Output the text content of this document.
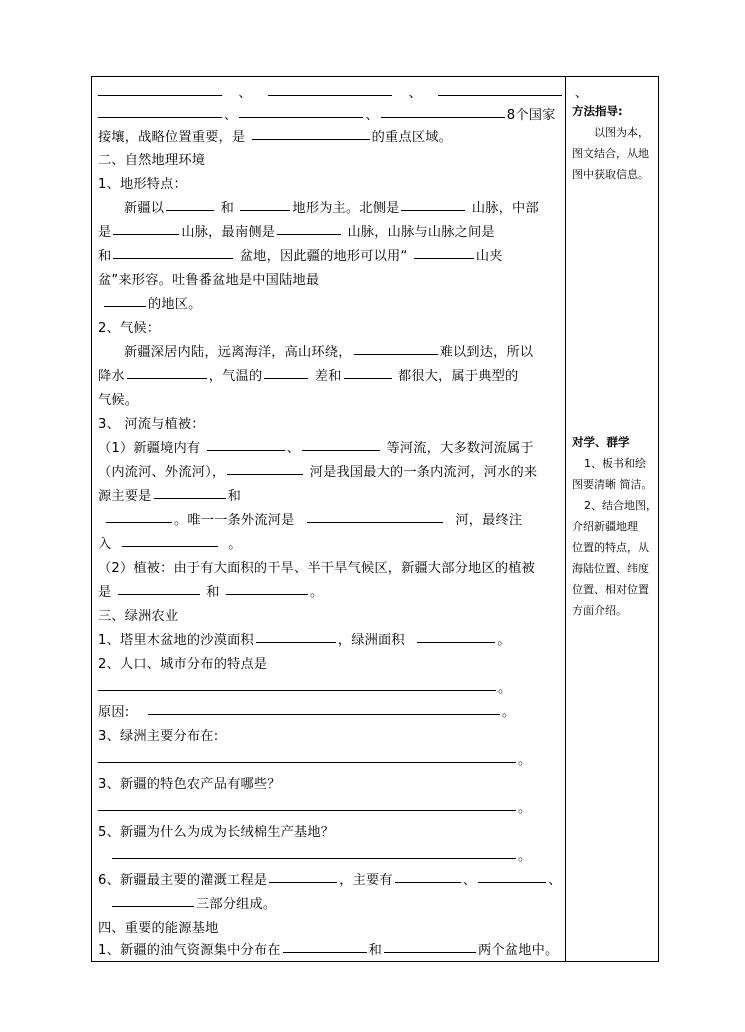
、	、	、
、	、	8个国家
接壤，战略位置重要，是	的重点区域。
二、自然地理环境
1、地形特点：
新疆以	和	地形为主。北侧是	山脉，中部
是	山脉，最南侧是	山脉，山脉与山脉之间是
和	盆地，因此疆的地形可以用“	山夹
盆”来形容。吐鲁番盆地是中国陆地最
的地区。
2、气候：
新疆深居内陆，远离海洋，高山环绕，	难以到达，所以
降水	，气温的	差和	都很大，属于典型的
气候。
3、 河流与植被：
（1）新疆境内有	、	等河流，大多数河流属于
（内流河、外流河），	河是我国最大的一条内流河，河水的来
源主要是	和
。唯一一条外流河是	河，最终注
入	。
（2）植被：由于有大面积的干旱、半干旱气候区，新疆大部分地区的植被
是	和	。
三、绿洲农业
1、塔里木盆地的沙漠面积	，绿洲面积	。
2、人口、城市分布的特点是
。
原因:	。
3、绿洲主要分布在:
。
3、新疆的特色农产品有哪些？
。
5、新疆为什么为成为长绒棉生产基地？
。
6、新疆最主要的灌溉工程是	，主要有	、	、
三部分组成。
四、重要的能源基地
1、新疆的油气资源集中分布在	和	两个盆地中。
方法指导:
以图为本，
图文结合，从地
图中获取信息。
对学、群学
1、板书和绘
图要清晰 简洁。
2、结合地图，
介绍新疆地理
位置的特点，从
海陆位置、纬度
位置、相对位置
方面介绍。
